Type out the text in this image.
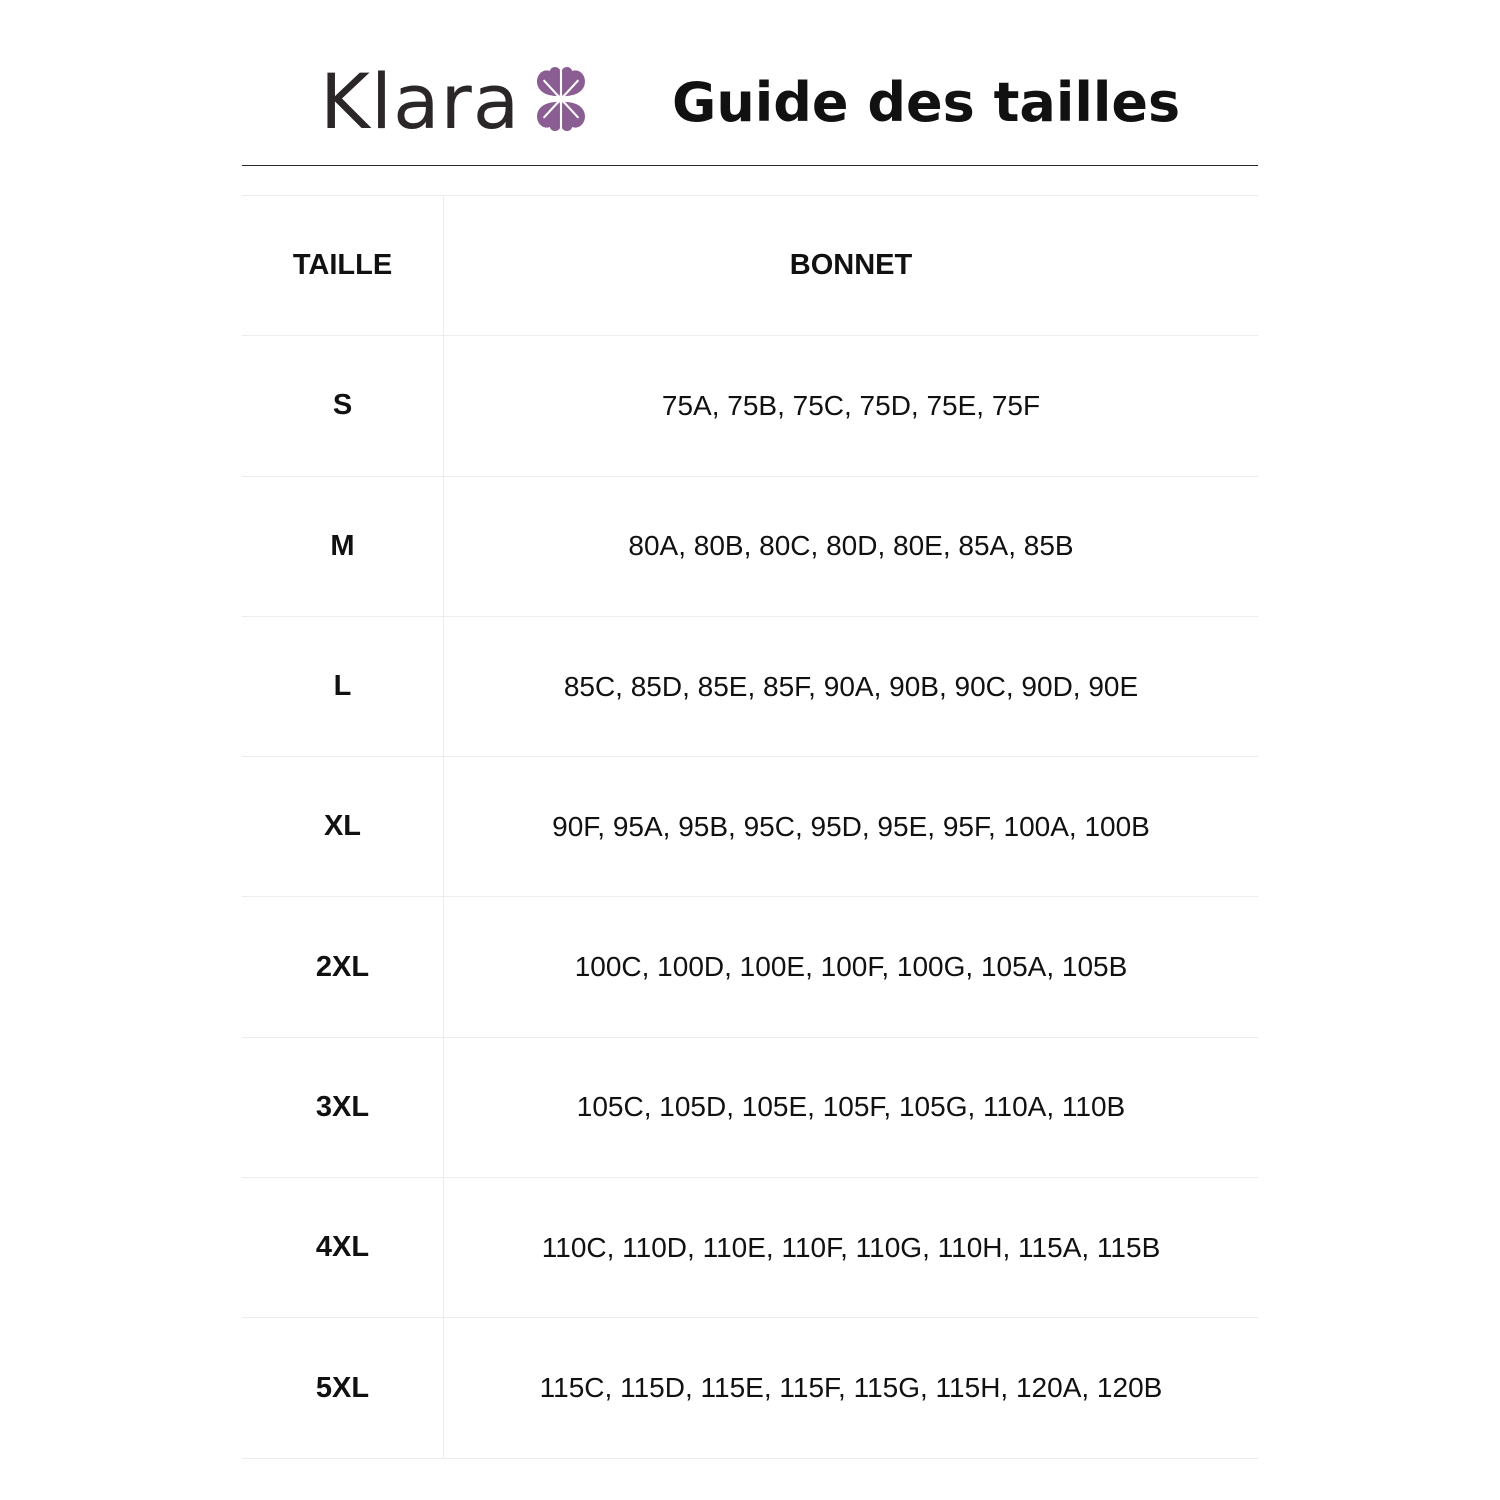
Klara	Guide des tailles
TAILLE	BONNET
S	75A, 75B, 75C, 75D, 75E, 75F
M	80A, 80B, 80C, 80D, 80E, 85A, 85B
L	85C, 85D, 85E, 85F, 90A, 90B, 90C, 90D, 90E
XL	90F, 95A, 95B, 95C, 95D, 95E, 95F, 100A, 100B
2XL	100C, 100D, 100E, 100F, 100G, 105A, 105B
3XL	105C, 105D, 105E, 105F, 105G, 110A, 110B
4XL	110C, 110D, 110E, 110F, 110G, 110H, 115A, 115B
5XL	115C, 115D, 115E, 115F, 115G, 115H, 120A, 120B
